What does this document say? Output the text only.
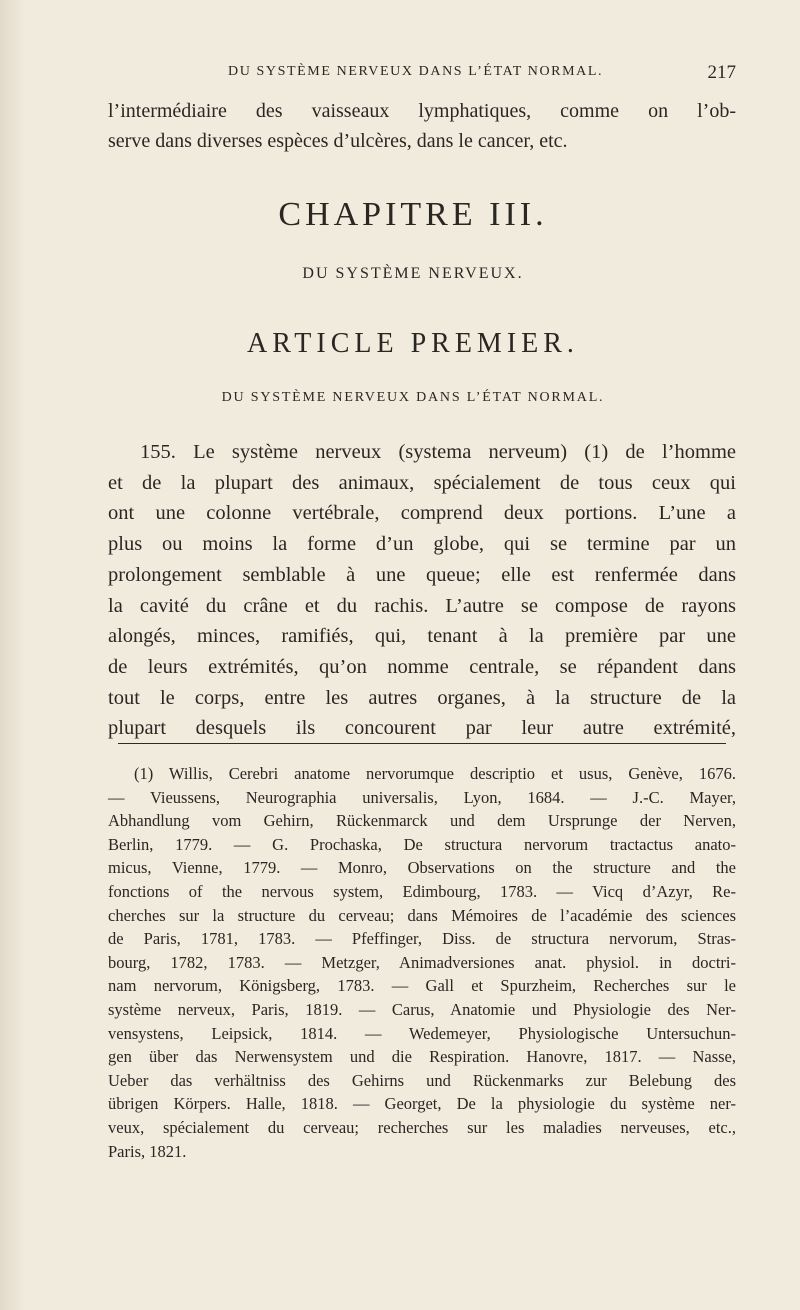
DU SYSTÈME NERVEUX DANS L’ÉTAT NORMAL.	217
l’intermédiaire des vaisseaux lymphatiques, comme on l’ob-
serve dans diverses espèces d’ulcères, dans le cancer, etc.
CHAPITRE III.
DU SYSTÈME NERVEUX.
ARTICLE PREMIER.
DU SYSTÈME NERVEUX DANS L’ÉTAT NORMAL.
155. Le système nerveux (systema nerveum) (1) de l’homme
et de la plupart des animaux, spécialement de tous ceux qui
ont une colonne vertébrale, comprend deux portions. L’une a
plus ou moins la forme d’un globe, qui se termine par un
prolongement semblable à une queue; elle est renfermée dans
la cavité du crâne et du rachis. L’autre se compose de rayons
alongés, minces, ramifiés, qui, tenant à la première par une
de leurs extrémités, qu’on nomme centrale, se répandent dans
tout le corps, entre les autres organes, à la structure de la
plupart desquels ils concourent par leur autre extrémité,
(1) Willis, Cerebri anatome nervorumque descriptio et usus, Genève, 1676.
— Vieussens, Neurographia universalis, Lyon, 1684. — J.-C. Mayer,
Abhandlung vom Gehirn, Rückenmarck und dem Ursprunge der Nerven,
Berlin, 1779. — G. Prochaska, De structura nervorum tractactus anato-
micus, Vienne, 1779. — Monro, Observations on the structure and the
fonctions of the nervous system, Edimbourg, 1783. — Vicq d’Azyr, Re-
cherches sur la structure du cerveau; dans Mémoires de l’académie des sciences
de Paris, 1781, 1783. — Pfeffinger, Diss. de structura nervorum, Stras-
bourg, 1782, 1783. — Metzger, Animadversiones anat. physiol. in doctri-
nam nervorum, Königsberg, 1783. — Gall et Spurzheim, Recherches sur le
système nerveux, Paris, 1819. — Carus, Anatomie und Physiologie des Ner-
vensystens, Leipsick, 1814. — Wedemeyer, Physiologische Untersuchun-
gen über das Nerwensystem und die Respiration. Hanovre, 1817. — Nasse,
Ueber das verhältniss des Gehirns und Rückenmarks zur Belebung des
übrigen Körpers. Halle, 1818. — Georget, De la physiologie du système ner-
veux, spécialement du cerveau; recherches sur les maladies nerveuses, etc.,
Paris, 1821.
